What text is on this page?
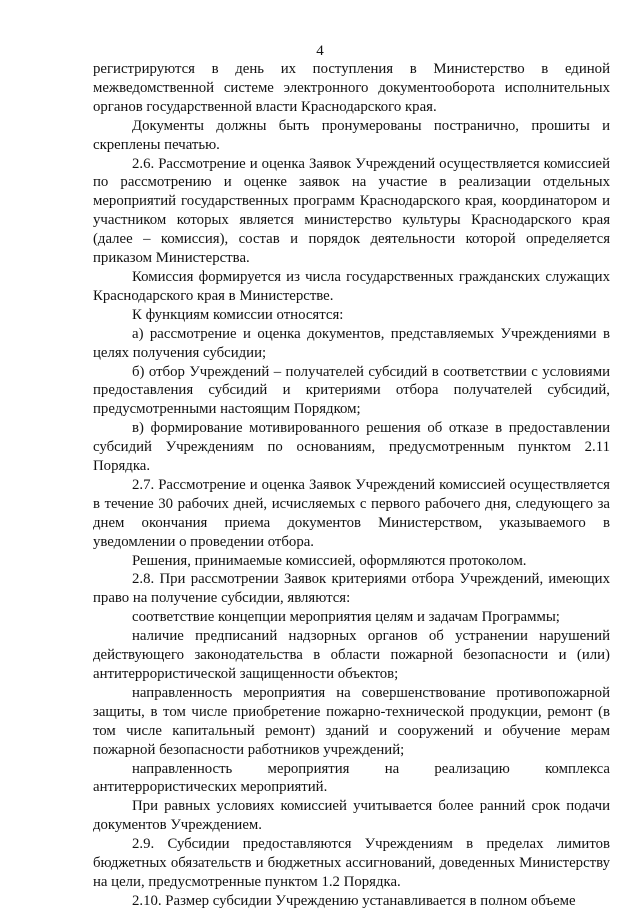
4

регистрируются в день их поступления в Министерство в единой межведомственной системе электронного документооборота исполнительных органов государственной власти Краснодарского края.

Документы должны быть пронумерованы постранично, прошиты и скреплены печатью.

2.6. Рассмотрение и оценка Заявок Учреждений осуществляется комиссией по рассмотрению и оценке заявок на участие в реализации отдельных мероприятий государственных программ Краснодарского края, координатором и участником которых является министерство культуры Краснодарского края (далее – комиссия), состав и порядок деятельности которой определяется приказом Министерства.

Комиссия формируется из числа государственных гражданских служащих Краснодарского края в Министерстве.

К функциям комиссии относятся:

а) рассмотрение и оценка документов, представляемых Учреждениями в целях получения субсидии;

б) отбор Учреждений – получателей субсидий в соответствии с условиями предоставления субсидий и критериями отбора получателей субсидий, предусмотренными настоящим Порядком;

в) формирование мотивированного решения об отказе в предоставлении субсидий Учреждениям по основаниям, предусмотренным пунктом 2.11 Порядка.

2.7. Рассмотрение и оценка Заявок Учреждений комиссией осуществляется в течение 30 рабочих дней, исчисляемых с первого рабочего дня, следующего за днем окончания приема документов Министерством, указываемого в уведомлении о проведении отбора.

Решения, принимаемые комиссией, оформляются протоколом.

2.8. При рассмотрении Заявок критериями отбора Учреждений, имеющих право на получение субсидии, являются:

соответствие концепции мероприятия целям и задачам Программы;

наличие предписаний надзорных органов об устранении нарушений действующего законодательства в области пожарной безопасности и (или) антитеррористической защищенности объектов;

направленность мероприятия на совершенствование противопожарной защиты, в том числе приобретение пожарно-технической продукции, ремонт (в том числе капитальный ремонт) зданий и сооружений и обучение мерам пожарной безопасности работников учреждений;

направленность мероприятия на реализацию комплекса антитеррористических мероприятий.

При равных условиях комиссией учитывается более ранний срок подачи документов Учреждением.

2.9. Субсидии предоставляются Учреждениям в пределах лимитов бюджетных обязательств и бюджетных ассигнований, доведенных Министерству на цели, предусмотренные пунктом 1.2 Порядка.

2.10. Размер субсидии Учреждению устанавливается в полном объеме
